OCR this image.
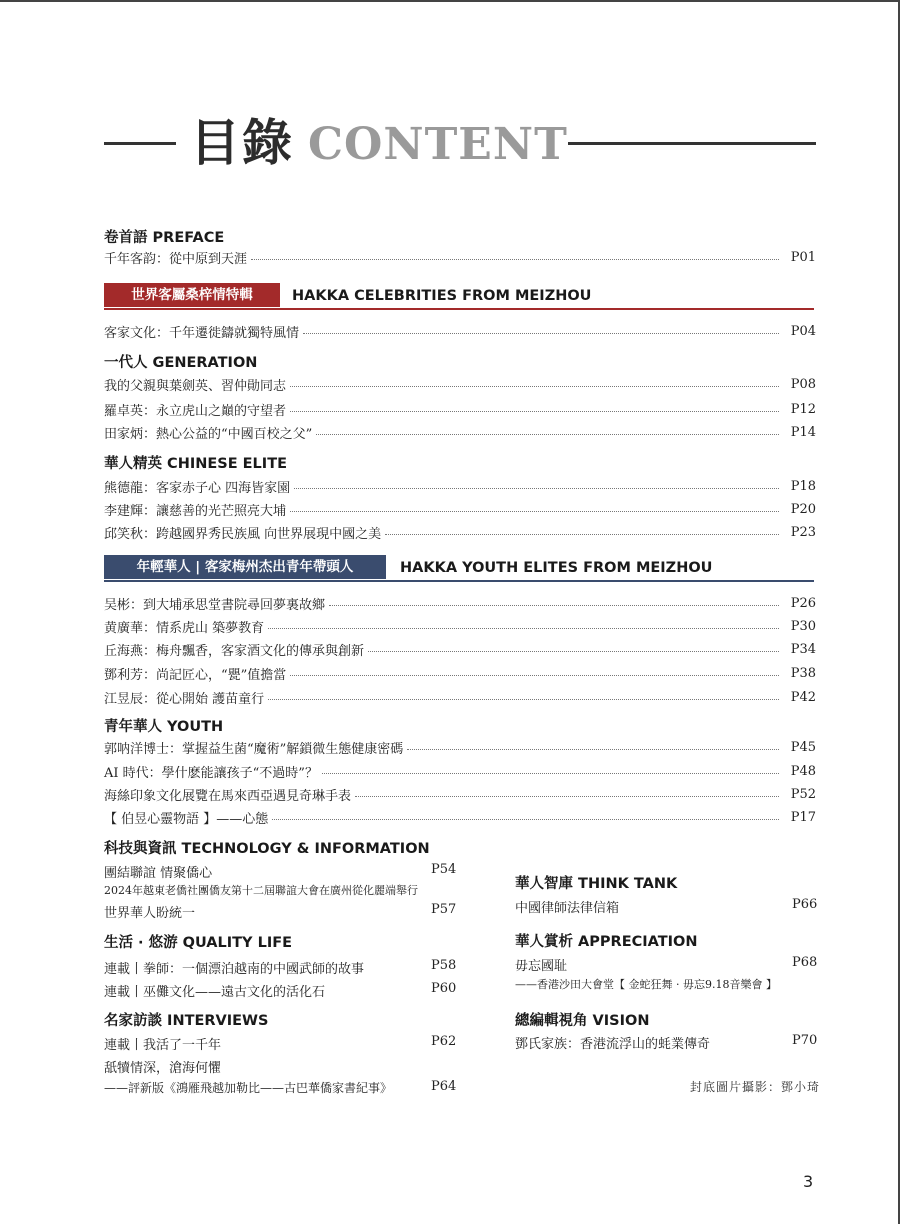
目錄 CONTENT
卷首語 PREFACE
千年客韵：從中原到天涯	P01
世界客屬桑梓情特輯	HAKKA CELEBRITIES FROM MEIZHOU
客家文化：千年遷徙鑄就獨特風情	P04
一代人 GENERATION
我的父親與葉劍英、習仲勛同志	P08
羅卓英：永立虎山之巔的守望者	P12
田家炳：熱心公益的“中國百校之父”	P14
華人精英 CHINESE ELITE
熊德龍：客家赤子心 四海皆家園	P18
李建輝：讓慈善的光芒照亮大埔	P20
邱笑秋：跨越國界秀民族風 向世界展現中國之美	P23
年輕華人 | 客家梅州杰出青年帶頭人	HAKKA YOUTH ELITES FROM MEIZHOU
吴彬：到大埔承思堂書院尋回夢裏故鄉	P26
黄廣華：情系虎山 築夢教育	P30
丘海燕：梅舟飄香，客家酒文化的傳承與創新	P34
鄧利芳：尚記匠心，“甖”值擔當	P38
江昱辰：從心開始 護苗童行	P42
青年華人 YOUTH
郭呐洋博士：掌握益生菌“魔術”解鎖微生態健康密碼	P45
AI 時代：學什麽能讓孩子“不過時”？	P48
海絲印象文化展覽在馬來西亞遇見奇琳手表	P52
【 伯昱心靈物語 】——心態	P17
科技與資訊 TECHNOLOGY & INFORMATION
團結聯誼 情聚僑心	P54
2024年越東老僑社團僑友第十二屆聯誼大會在廣州從化麗端舉行
世界華人盼統一	P57
生活 · 悠游 QUALITY LIFE
連載丨拳師：一個漂泊越南的中國武師的故事	P58
連載丨巫儺文化——遠古文化的活化石	P60
名家訪談 INTERVIEWS
連載丨我活了一千年	P62
舐犢情深，滄海何懼
——評新版《鴻雁飛越加勒比——古巴華僑家書紀事》	P64
華人智庫 THINK TANK
中國律師法律信箱	P66
華人賞析 APPRECIATION
毋忘國耻	P68
——香港沙田大會堂【 金蛇狂舞 · 毋忘9.18音樂會 】
總編輯視角 VISION
鄧氏家族：香港流浮山的蚝業傳奇	P70
封底圖片攝影：鄧小琦
3
